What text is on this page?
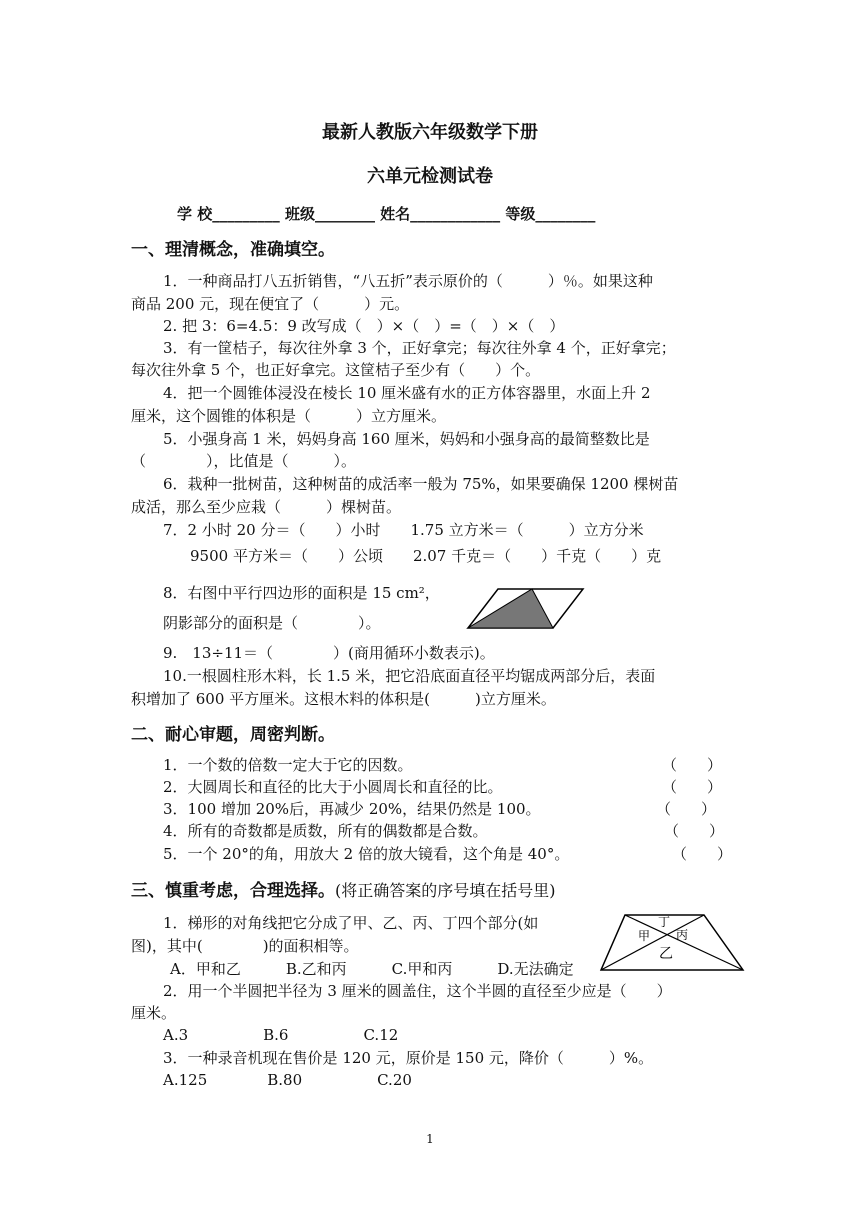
最新人教版六年级数学下册
六单元检测试卷
学 校_________ 班级________ 姓名____________ 等级________
一、理清概念，准确填空。
1．一种商品打八五折销售，“八五折”表示原价的（　　　）％。如果这种
商品 200 元，现在便宜了（　　　）元。
2. 把 3：6=4.5：9 改写成（　）×（　）=（　）×（　）
3．有一筐桔子，每次往外拿 3 个，正好拿完；每次往外拿 4 个，正好拿完；
每次往外拿 5 个，也正好拿完。这筐桔子至少有（　　）个。
4．把一个圆锥体浸没在棱长 10 厘米盛有水的正方体容器里，水面上升 2
厘米，这个圆锥的体积是（　　　）立方厘米。
5．小强身高 1 米，妈妈身高 160 厘米，妈妈和小强身高的最简整数比是
（　　　　），比值是（　　　）。
6．栽种一批树苗，这种树苗的成活率一般为 75%，如果要确保 1200 棵树苗
成活，那么至少应栽（　　　）棵树苗。
7．2 小时 20 分＝（　　）小时　　1.75 立方米＝（　　　）立方分米
9500 平方米＝（　　）公顷　　2.07 千克＝（　　）千克（　　）克
8．右图中平行四边形的面积是 15 cm²，
阴影部分的面积是（　　　　）。
9.　13÷11＝（　　　　）(商用循环小数表示)。
10.一根圆柱形木料，长 1.5 米，把它沿底面直径平均锯成两部分后，表面
积增加了 600 平方厘米。这根木料的体积是(　　　)立方厘米。
二、耐心审题，周密判断。
1．一个数的倍数一定大于它的因数。	（　　）
2．大圆周长和直径的比大于小圆周长和直径的比。	（　　）
3．100 增加 20%后，再减少 20%，结果仍然是 100。	（　　）
4．所有的奇数都是质数，所有的偶数都是合数。	（　　）
5．一个 20°的角，用放大 2 倍的放大镜看，这个角是 40°。	（　　）
三、慎重考虑，合理选择。(将正确答案的序号填在括号里)
1．梯形的对角线把它分成了甲、乙、丙、丁四个部分(如
图)，其中(　　　　)的面积相等。
甲
丁
丙
乙
A．甲和乙　　　B.乙和丙　　　C.甲和丙　　　D.无法确定
2．用一个半圆把半径为 3 厘米的圆盖住，这个半圆的直径至少应是（　　）
厘米。
A.3　　　　　B.6　　　　　C.12
3．一种录音机现在售价是 120 元，原价是 150 元，降价（　　　）%。
A.125　　　　B.80　　　　　C.20
1
